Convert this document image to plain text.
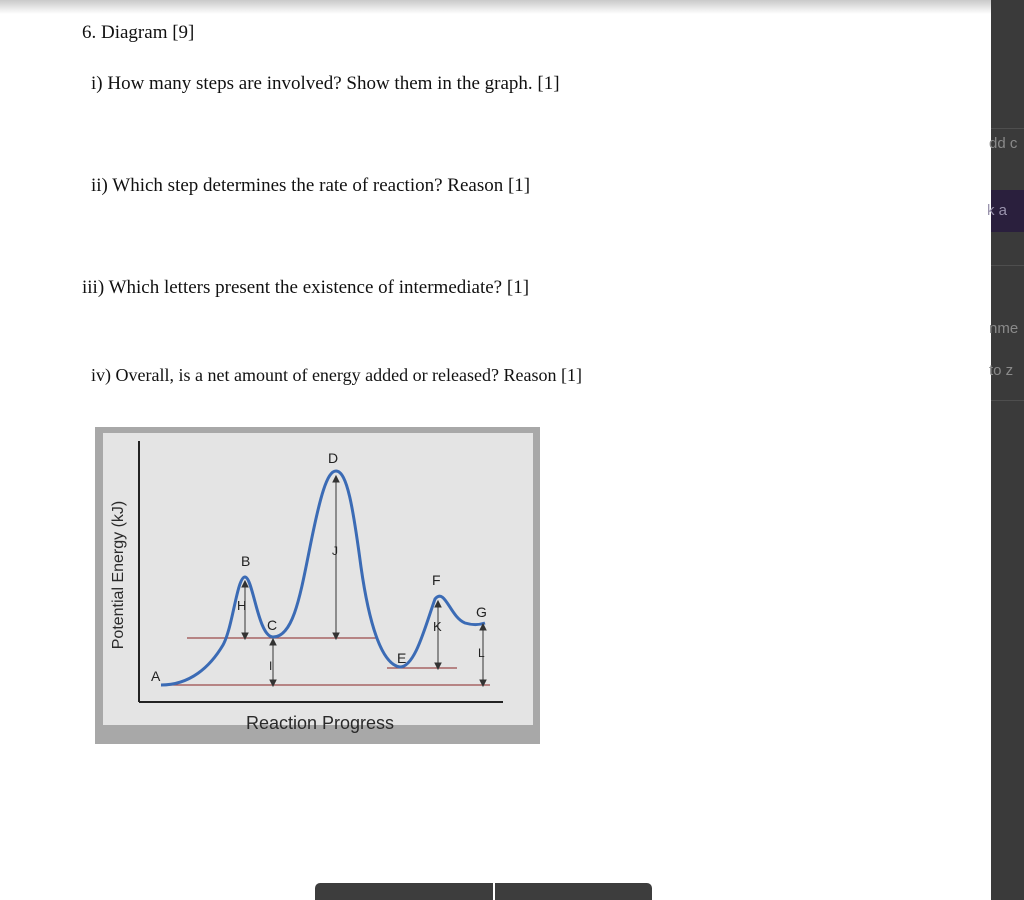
6. Diagram [9]

i) How many steps are involved? Show them in the graph. [1]

ii) Which step determines the rate of reaction? Reason [1]

iii) Which letters present the existence of intermediate? [1]

iv) Overall, is a net amount of energy added or released? Reason [1]

A
B
C
D
E
F
G
H
I
J
K
L
Potential Energy (kJ)
Reaction Progress
dd c
k a
nme
to z
